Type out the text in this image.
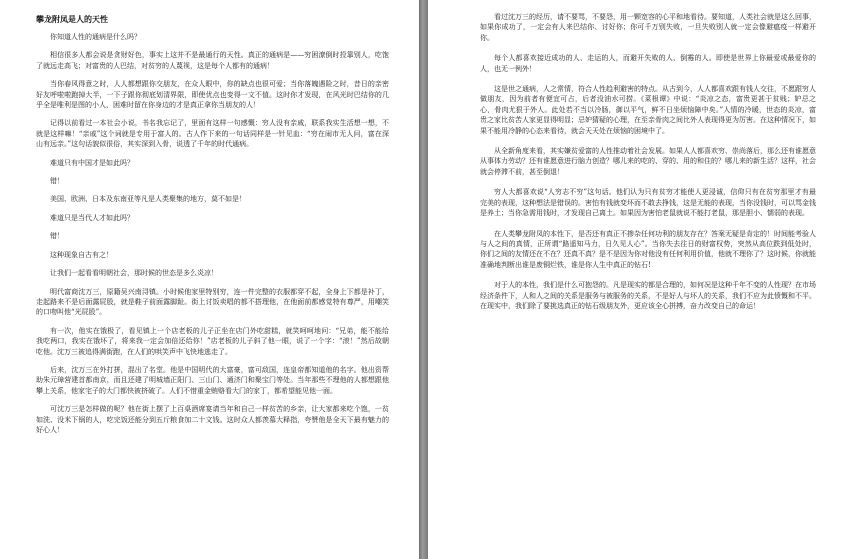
攀龙附凤是人的天性

你知道人性的通病是什么吗？

相信很多人都会说是贪财好色，事实上这并不是最通行的天性。真正的通病是——穷困潦倒时投靠别人，吃饱了就远走高飞；对富贵的人巴结，对贫穷的人蔑视，这是每个人都有的通病！

当你春风得意之时，人人都想跟你交朋友，在众人眼中，你的缺点也很可爱；当你落魄遇险之时，昔日的亲密好友呼啦啦跑掉大半，一下子跟你彻底划清界限，即使优点也变得一文不值。这时你才发现，在风光时巴结你的几乎全是唯利是图的小人，困难时留在你身边的才是真正拿你当朋友的人！

记得以前看过一本社会小说，书名我忘记了，里面有这样一句感慨：穷人没有亲戚，联系我实生活想一想，不就是这样嘛！“亲戚”这个词就是专用于富人的。古人作下来的一句话同样是一针见血：“穷在闹市无人问，富在深山有远亲。”这句话貌似很俗，其实深到入骨，说透了千年的时代通病。

难道只有中国才是如此吗？

错！

美国、欧洲、日本及东南亚等凡是人类聚集的地方，莫不如是！

难道只是当代人才如此吗？

错！

这种现象自古有之！

让我们一起看看明朝社会，那时候的世态是多么炎凉！

明代富商沈万三，原籍吴兴南浔镇。小时候他家里特别穷，连一件完整的衣服都穿不起，全身上下都是补丁，走起路来不是后面露屁股，就是鞋子前面露脚趾。街上讨饭卖唱的都不搭理他，在他面前都感觉特有尊严，用嘲笑的口吻叫他“光屁股”。

有一次，他实在饿极了，看见镇上一个店老板的儿子正坐在店门外吃甜糕，就笑呵呵地问：“兄弟，能不能给我吃两口，我实在饿坏了，将来我一定会加倍还给你！”店老板的儿子斜了他一眼，说了一个字：“滚！”然后故朝吃他。沈万三被追得满街跑，在人们的哄笑声中飞快地逃走了。

后来，沈万三在外打拼，混出了名堂。他是中国明代的大富豪，富可敌国，连皇帝都知道他的名字。他出资帮助朱元璋营建首都南京，而且还建了明城墙正阳门、三山门、通济门和聚宝门等处。当年那些不理他的人都想跟他攀上关系，他家宅子的大门都快被挤破了。人们不惜重金贿赂看大门的家丁，都希望能见他一面。

可沈万三是怎样做的呢？他在街上摆了上百桌酒席宴请当年和自己一样贫苦的乡亲，让大家都来吃个饱，一贫如洗、没米下锅的人，吃完饭还能分到五斤粮食加二十文钱。这时众人都羡慕大释指，夸赞他是全天下最有魅力的好心人！

看过沈万三的经历，请不要骂，不要怨，用一颗宽容的心平和地看待。要知道，人类社会就是这么回事，如果你成功了，一定会有人来巴结你、讨好你；你可千万别失败，一旦失败别人就一定会像避瘟疫一样避开你。

每个人都喜欢接近成功的人、走运的人，而避开失败的人、倒霉的人。即使是世界上你最爱或最爱你的人，也无一例外！

这是世之通病，人之常情，符合人性趋利避害的特点。从古到今，人人都喜欢跟有钱人交往，不愿跟穷人做朋友，因为前者有便宜可占，后者没油水可捞。《菜根谭》中说：“炎凉之态，富贵更甚于贫贱；妒忌之心，骨肉尤狠于外人。此处若不当以冷肠，御以平气，鲜不日坐烦恼障中矣。”人情的冷暖，世态的炎凉，富贵之家比贫苦人家更显得明显；忌妒猜疑的心理，在至亲骨肉之间比外人表现得更为厉害。在这种情况下，如果不能用冷静的心态来看待，就会天天处在烦恼的困境中了。

从全新角度来看，其实嫌贫爱富的人性推动着社会发展。如果人人都喜欢穷、崇尚落后，那么还有谁愿意从事体力劳动？还有谁愿意进行脑力创造？哪儿来的吃的、穿的、用的和住的？哪儿来的新生活？这样，社会就会停滞不前，甚至倒退！

穷人大都喜欢说“人穷志不穷”这句话。他们认为只有贫穷才能使人更浸诚，信仰只有在贫穷那里才有最完美的表现，这种想法是错误的。害怕有钱就变坏而不敢去挣钱，这是无能的表现，当你没钱时，可以骂金钱是养土；当你急需用钱时，才发现自己离土。如果因为害怕老鼠就说不能打老鼠，那是胆小、懦弱的表现。

在人类攀龙附凤的本性下，是否还有真正不掺杂任何功利的朋友存在？答案无疑是肯定的！时间能考验人与人之间的真情，正所谓“路遥知马力，日久见人心”。当你失去往日的财富权势，突然从高位跌到低处时，你们之间的友情还在不在？还真不真？是不是因为你对他没有任何利用价值，他就不理你了？这时候，你就能准确地判断出谁是废铜烂铁，谁是你人生中真正的钻石!

对于人的本性，我们是什么可抱怨的。凡是现实的都是合理的，如何况是这种千年不变的人性现？在市场经济条件下，人和人之间的关系是服务与被服务的关系，不是好人与坏人的关系，我们不应为此愤慨和不平。在现实中，我们除了要挑选真正的钻石级朋友外，更应该全心拼搏，奋力改变自己的命运！
